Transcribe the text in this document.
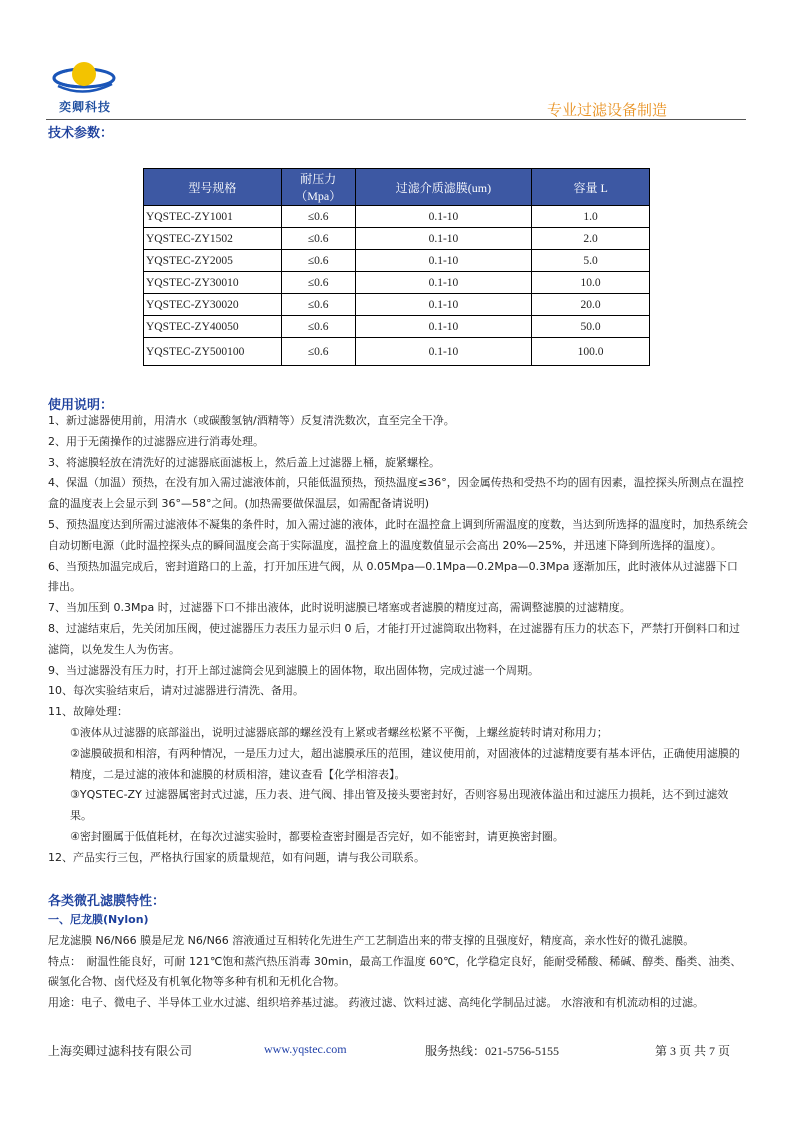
奕卿科技	专业过滤设备制造
技术参数：
型号规格	耐压力（Mpa）	过滤介质滤膜(um)	容量 L
YQSTEC-ZY1001	≤0.6	0.1-10	1.0
YQSTEC-ZY1502	≤0.6	0.1-10	2.0
YQSTEC-ZY2005	≤0.6	0.1-10	5.0
YQSTEC-ZY30010	≤0.6	0.1-10	10.0
YQSTEC-ZY30020	≤0.6	0.1-10	20.0
YQSTEC-ZY40050	≤0.6	0.1-10	50.0
YQSTEC-ZY500100	≤0.6	0.1-10	100.0
使用说明：

1、新过滤器使用前，用清水（或碳酸氢钠/酒精等）反复清洗数次，直至完全干净。

2、用于无菌操作的过滤器应进行消毒处理。

3、将滤膜轻放在清洗好的过滤器底面滤板上，然后盖上过滤器上桶，旋紧螺栓。

4、保温（加温）预热，在没有加入需过滤液体前，只能低温预热，预热温度≤36°，因金属传热和受热不均的固有因素，温控探头所测点在温控盒的温度表上会显示到 36°—58°之间。(加热需要做保温层，如需配备请说明)

5、预热温度达到所需过滤液体不凝集的条件时，加入需过滤的液体，此时在温控盒上调到所需温度的度数，当达到所选择的温度时，加热系统会自动切断电源（此时温控探头点的瞬间温度会高于实际温度，温控盒上的温度数值显示会高出 20%—25%，并迅速下降到所选择的温度）。

6、当预热加温完成后，密封道路口的上盖，打开加压进气阀，从 0.05Mpa—0.1Mpa—0.2Mpa—0.3Mpa 逐渐加压，此时液体从过滤器下口排出。

7、当加压到 0.3Mpa 时，过滤器下口不排出液体，此时说明滤膜已堵塞或者滤膜的精度过高，需调整滤膜的过滤精度。

8、过滤结束后，先关闭加压阀，使过滤器压力表压力显示归 0 后，才能打开过滤筒取出物料，在过滤器有压力的状态下，严禁打开倒料口和过滤筒，以免发生人为伤害。

9、当过滤器没有压力时，打开上部过滤筒会见到滤膜上的固体物，取出固体物，完成过滤一个周期。

10、每次实验结束后，请对过滤器进行清洗、备用。

11、故障处理：

①液体从过滤器的底部溢出，说明过滤器底部的螺丝没有上紧或者螺丝松紧不平衡，上螺丝旋转时请对称用力；

②滤膜破损和相溶，有两种情况，一是压力过大，超出滤膜承压的范围，建议使用前，对固液体的过滤精度要有基本评估，正确使用滤膜的精度，二是过滤的液体和滤膜的材质相溶，建议查看【化学相溶表】。

③YQSTEC-ZY 过滤器属密封式过滤，压力表、进气阀、排出管及接头要密封好，否则容易出现液体溢出和过滤压力损耗，达不到过滤效果。

④密封圈属于低值耗材，在每次过滤实验时，都要检查密封圈是否完好，如不能密封，请更换密封圈。

12、产品实行三包，严格执行国家的质量规范，如有问题，请与我公司联系。

各类微孔滤膜特性：

一、尼龙膜(Nylon)

尼龙滤膜 N6/N66 膜是尼龙 N6/N66 溶液通过互相转化先进生产工艺制造出来的带支撑的且强度好，精度高，亲水性好的微孔滤膜。

特点：　耐温性能良好，可耐 121℃饱和蒸汽热压消毒 30min，最高工作温度 60℃，化学稳定良好，能耐受稀酸、稀碱、醇类、酯类、油类、碳氢化合物、卤代烃及有机氧化物等多种有机和无机化合物。

用途：电子、微电子、半导体工业水过滤、组织培养基过滤。 药液过滤、饮料过滤、高纯化学制品过滤。 水溶液和有机流动相的过滤。

上海奕卿过滤科技有限公司	www.yqstec.com	服务热线：021-5756-5155	第 3 页 共 7 页
